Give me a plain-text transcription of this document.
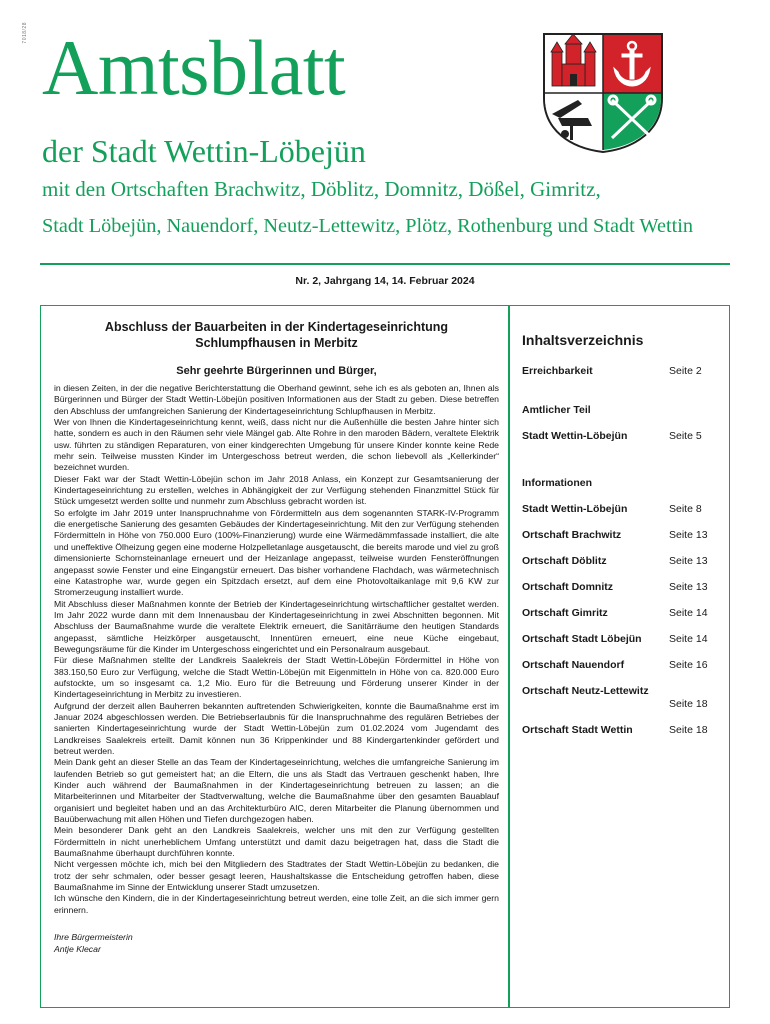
7018/28 Amtsblatt
der Stadt Wettin-Löbejün
mit den Ortschaften Brachwitz, Döblitz, Domnitz, Dößel, Gimritz,
Stadt Löbejün, Nauendorf, Neutz-Lettewitz, Plötz, Rothenburg und Stadt Wettin
Nr. 2, Jahrgang 14, 14. Februar 2024
Abschluss der Bauarbeiten in der Kindertageseinrichtung
Schlumpfhausen in Merbitz
Sehr geehrte Bürgerinnen und Bürger,

in diesen Zeiten, in der die negative Berichterstattung die Oberhand gewinnt, sehe ich es als geboten an, Ihnen als Bürgerinnen und Bürger der Stadt Wettin-Löbejün positiven Informationen aus der Stadt zu geben. Diese betreffen den Abschluss der umfangreichen Sanierung der Kindertageseinrichtung Schlupfhausen in Merbitz.

Wer von Ihnen die Kindertageseinrichtung kennt, weiß, dass nicht nur die Außenhülle die besten Jahre hinter sich hatte, sondern es auch in den Räumen sehr viele Mängel gab. Alte Rohre in den maroden Bädern, veraltete Elektrik usw. führten zu ständigen Reparaturen, von einer kindgerechten Umgebung für unsere Kinder konnte keine Rede mehr sein. Teilweise mussten Kinder im Untergeschoss betreut werden, die schon liebevoll als „Kellerkinder“ bezeichnet wurden.

Dieser Fakt war der Stadt Wettin-Löbejün schon im Jahr 2018 Anlass, ein Konzept zur Gesamtsanierung der Kindertageseinrichtung zu erstellen, welches in Abhängigkeit der zur Verfügung stehenden Finanzmittel Stück für Stück umgesetzt werden sollte und nunmehr zum Abschluss gebracht worden ist.

So erfolgte im Jahr 2019 unter Inanspruchnahme von Fördermitteln aus dem sogenannten STARK-IV-Programm die energetische Sanierung des gesamten Gebäudes der Kindertageseinrichtung. Mit den zur Verfügung stehenden Fördermitteln in Höhe von 750.000 Euro (100%-Finanzierung) wurde eine Wärmedämmfassade installiert, die alte und uneffektive Ölheizung gegen eine moderne Holzpelletanlage ausgetauscht, die bereits marode und viel zu groß dimensionierte Schornsteinanlage erneuert und der Heizanlage angepasst, teilweise wurden Fensteröffnungen angepasst sowie Fenster und eine Eingangstür erneuert. Das bisher vorhandene Flachdach, was wärmetechnisch eine Katastrophe war, wurde gegen ein Spitzdach ersetzt, auf dem eine Photovoltaikanlage mit 9,6 KW zur Stromerzeugung installiert wurde.

Mit Abschluss dieser Maßnahmen konnte der Betrieb der Kindertageseinrichtung wirtschaftlicher gestaltet werden. Im Jahr 2022 wurde dann mit dem Innenausbau der Kindertageseinrichtung in zwei Abschnitten begonnen. Mit Abschluss der Baumaßnahme wurde die veraltete Elektrik erneuert, die Sanitärräume den heutigen Standards angepasst, sämtliche Heizkörper ausgetauscht, Innentüren erneuert, eine neue Küche eingebaut, Bewegungsräume für die Kinder im Untergeschoss eingerichtet und ein Personalraum ausgebaut.

Für diese Maßnahmen stellte der Landkreis Saalekreis der Stadt Wettin-Löbejün Fördermittel in Höhe von 383.150,50 Euro zur Verfügung, welche die Stadt Wettin-Löbejün mit Eigenmitteln in Höhe von ca. 820.000 Euro aufstockte, um so insgesamt ca. 1,2 Mio. Euro für die Betreuung und Förderung unserer Kinder in der Kindertageseinrichtung in Merbitz zu investieren.

Aufgrund der derzeit allen Bauherren bekannten auftretenden Schwierigkeiten, konnte die Baumaßnahme erst im Januar 2024 abgeschlossen werden. Die Betriebserlaubnis für die Inanspruchnahme des regulären Betriebes der sanierten Kindertageseinrichtung wurde der Stadt Wettin-Löbejün zum 01.02.2024 vom Jugendamt des Landkreises Saalekreis erteilt. Damit können nun 36 Krippenkinder und 88 Kindergartenkinder gefördert und betreut werden.

Mein Dank geht an dieser Stelle an das Team der Kindertageseinrichtung, welches die umfangreiche Sanierung im laufenden Betrieb so gut gemeistert hat; an die Eltern, die uns als Stadt das Vertrauen geschenkt haben, Ihre Kinder auch während der Baumaßnahmen in der Kindertageseinrichtung betreuen zu lassen; an die Mitarbeiterinnen und Mitarbeiter der Stadtverwaltung, welche die Baumaßnahme über den gesamten Bauablauf organisiert und begleitet haben und an das Architekturbüro AIC, deren Mitarbeiter die Planung übernommen und Bauüberwachung mit allen Höhen und Tiefen durchgezogen haben.

Mein besonderer Dank geht an den Landkreis Saalekreis, welcher uns mit den zur Verfügung gestellten Fördermitteln in nicht unerheblichem Umfang unterstützt und damit dazu beigetragen hat, dass die Stadt die Baumaßnahme überhaupt durchführen konnte.

Nicht vergessen möchte ich, mich bei den Mitgliedern des Stadtrates der Stadt Wettin-Löbejün zu bedanken, die trotz der sehr schmalen, oder besser gesagt leeren, Haushaltskasse die Entscheidung getroffen haben, diese Baumaßnahme im Sinne der Entwicklung unserer Stadt umzusetzen.

Ich wünsche den Kindern, die in der Kindertageseinrichtung betreut werden, eine tolle Zeit, an die sich immer gern erinnern.

Ihre Bürgermeisterin
Antje Klecar
Inhaltsverzeichnis
Erreichbarkeit	Seite 2
Amtlicher Teil
Stadt Wettin-Löbejün	Seite 5
Informationen
Stadt Wettin-Löbejün	Seite 8
Ortschaft Brachwitz	Seite 13
Ortschaft Döblitz	Seite 13
Ortschaft Domnitz	Seite 13
Ortschaft Gimritz	Seite 14
Ortschaft Stadt Löbejün	Seite 14
Ortschaft Nauendorf	Seite 16
Ortschaft Neutz-Lettewitz
Seite 18
Ortschaft Stadt Wettin	Seite 18
